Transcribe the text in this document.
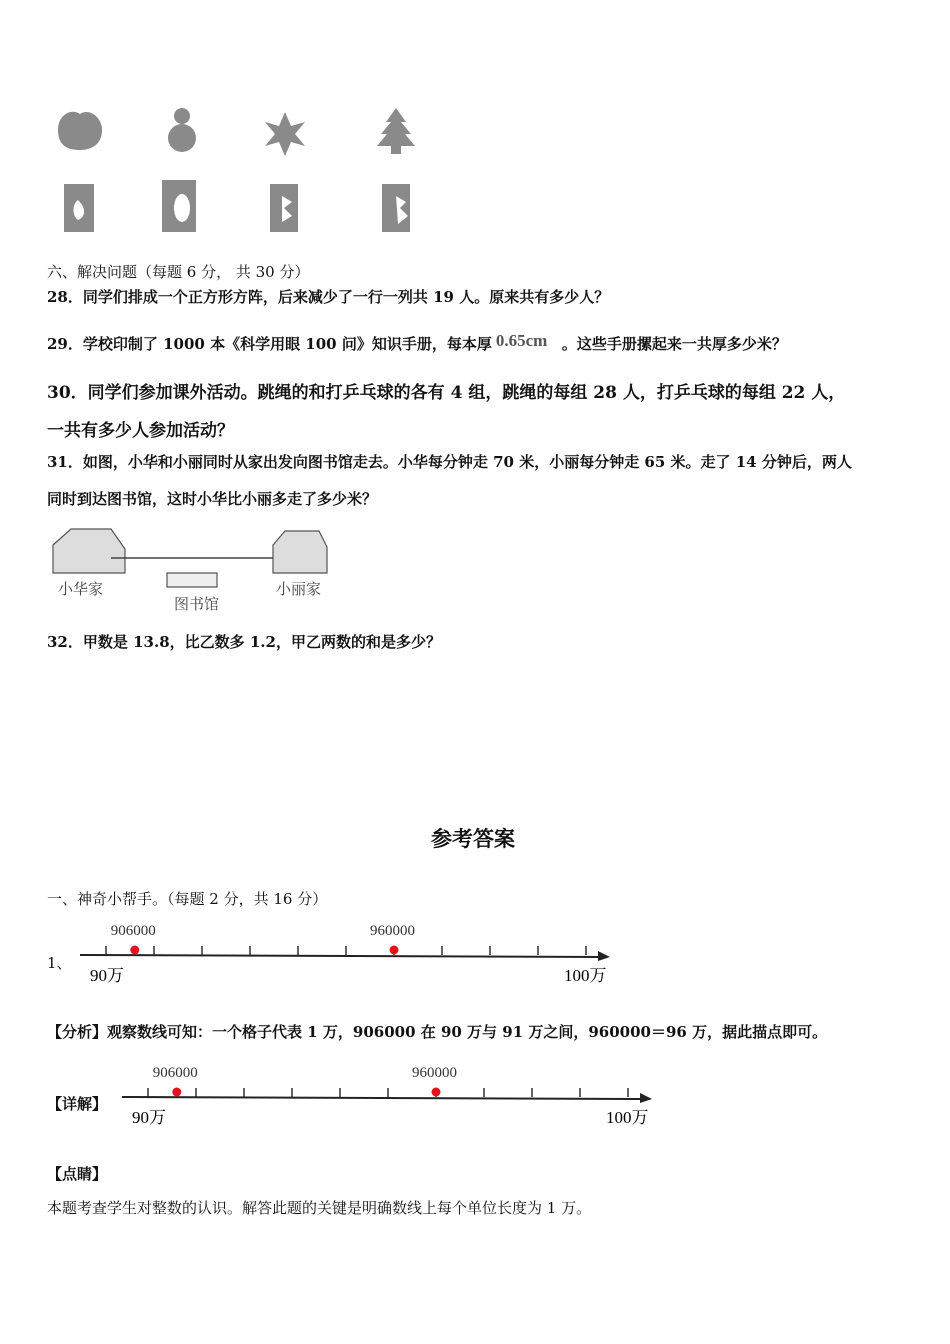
六、解决问题（每题 6 分， 共 30 分）
28．同学们排成一个正方形方阵，后来减少了一行一列共 19 人。原来共有多少人？
29．学校印制了 1000 本《科学用眼 100 问》知识手册，每本厚 0.65cm 。这些手册摞起来一共厚多少米？
30．同学们参加课外活动。跳绳的和打乒乓球的各有 4 组，跳绳的每组 28 人，打乒乓球的每组 22 人，
一共有多少人参加活动？
31．如图，小华和小丽同时从家出发向图书馆走去。小华每分钟走 70 米，小丽每分钟走 65 米。走了 14 分钟后，两人
同时到达图书馆，这时小华比小丽多走了多少米？
小华家
图书馆
小丽家
32．甲数是 13.8，比乙数多 1.2，甲乙两数的和是多少？
参考答案
一、神奇小帮手。（每题 2 分，共 16 分）
1、
90万	100万
906000	960000
【分析】观察数线可知：一个格子代表 1 万，906000 在 90 万与 91 万之间，960000＝96 万，据此描点即可。
【详解】
90万	100万
906000	960000
【点睛】
本题考查学生对整数的认识。解答此题的关键是明确数线上每个单位长度为 1 万。
